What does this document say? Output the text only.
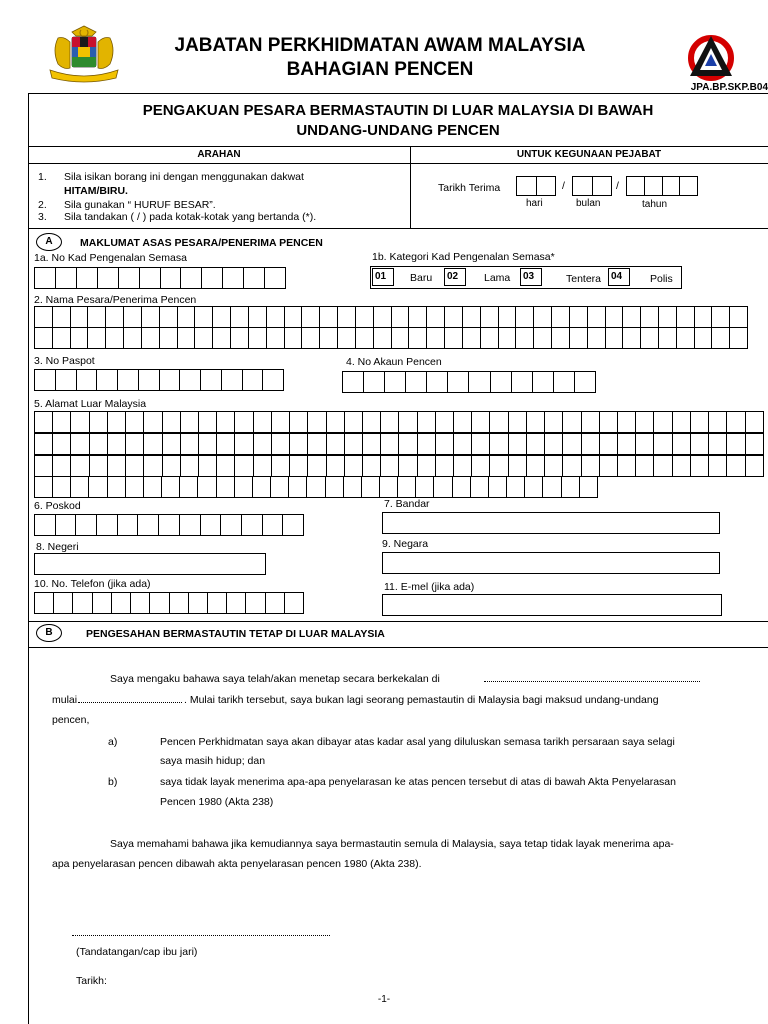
JABATAN PERKHIDMATAN AWAM MALAYSIA
BAHAGIAN PENCEN
JPA.BP.SKP.B04
PENGAKUAN PESARA BERMASTAUTIN DI LUAR MALAYSIA DI BAWAH
UNDANG-UNDANG PENCEN
ARAHAN	UNTUK KEGUNAAN PEJABAT
1. Sila isikan borang ini dengan menggunakan dakwat
HITAM/BIRU.
2. Sila gunakan “ HURUF BESAR”.
3. Sila tandakan ( / ) pada kotak-kotak yang bertanda (*).
Tarikh Terima	/	/
hari	bulan	tahun
A	MAKLUMAT ASAS PESARA/PENERIMA PENCEN
1a. No Kad Pengenalan Semasa	1b. Kategori Kad Pengenalan Semasa*
01	Baru	02	Lama	03	Tentera 04	Polis
2. Nama Pesara/Penerima Pencen
3. No Paspot	4. No Akaun Pencen
5. Alamat Luar Malaysia
6. Poskod	7. Bandar
8. Negeri	9. Negara
10. No. Telefon (jika ada)	11. E-mel (jika ada)
B	PENGESAHAN BERMASTAUTIN TETAP DI LUAR MALAYSIA
Saya mengaku bahawa saya telah/akan menetap secara berkekalan di
mulai	. Mulai tarikh tersebut, saya bukan lagi seorang pemastautin di Malaysia bagi maksud undang-undang
pencen,
a)	Pencen Perkhidmatan saya akan dibayar atas kadar asal yang diluluskan semasa tarikh persaraan saya selagi
saya masih hidup; dan
b)	saya tidak layak menerima apa-apa penyelarasan ke atas pencen tersebut di atas di bawah Akta Penyelarasan
Pencen 1980 (Akta 238)
Saya memahami bahawa jika kemudiannya saya bermastautin semula di Malaysia, saya tetap tidak layak menerima apa-
apa penyelarasan pencen dibawah akta penyelarasan pencen 1980 (Akta 238).
(Tandatangan/cap ibu jari)
Tarikh:
-1-
